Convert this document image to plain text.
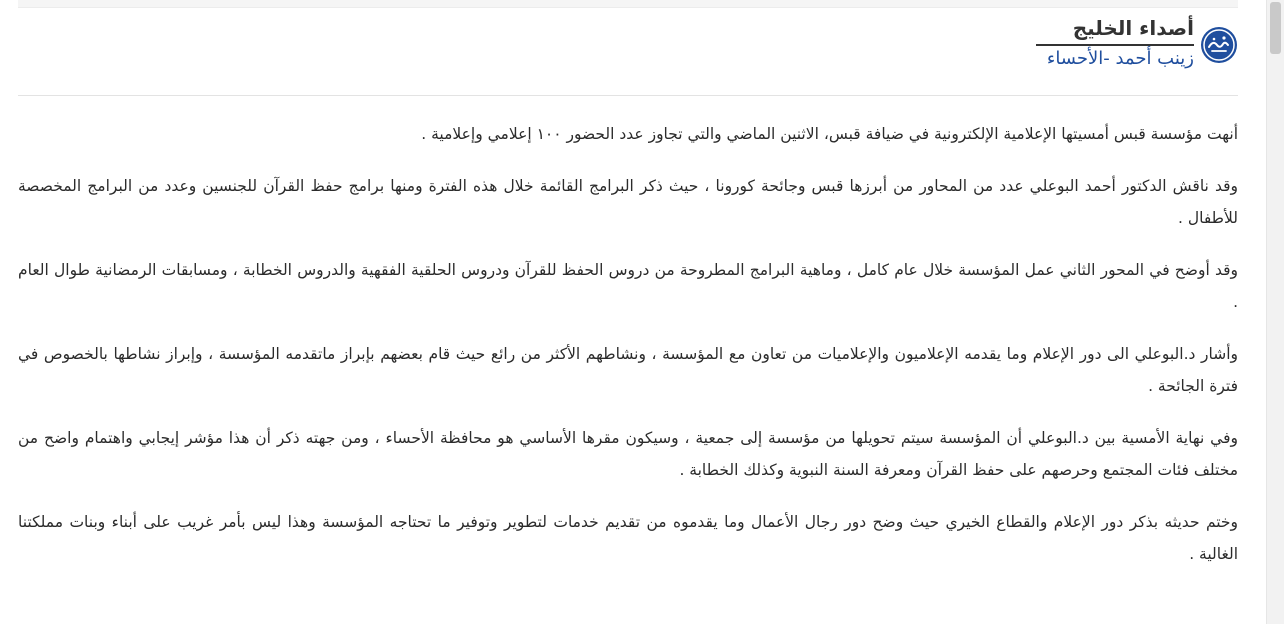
أصداء الخليج
زينب أحمد -الأحساء

أنهت مؤسسة قبس أمسيتها الإعلامية الإلكترونية في ضيافة قبس، الاثنين الماضي والتي تجاوز عدد الحضور ١٠٠ إعلامي وإعلامية .

وقد ناقش الدكتور أحمد البوعلي عدد من المحاور من أبرزها قبس وجائحة كورونا ، حيث ذكر البرامج القائمة خلال هذه الفترة ومنها برامج حفظ القرآن للجنسين وعدد من البرامج المخصصة للأطفال .

وقد أوضح في المحور الثاني عمل المؤسسة خلال عام كامل ، وماهية البرامج المطروحة من دروس الحفظ للقرآن ودروس الحلقية الفقهية والدروس الخطابة ، ومسابقات الرمضانية طوال العام .

وأشار د.البوعلي الى دور الإعلام وما يقدمه الإعلاميون والإعلاميات من تعاون مع المؤسسة ، ونشاطهم الأكثر من رائع حيث قام بعضهم بإبراز ماتقدمه المؤسسة ، وإبراز نشاطها بالخصوص في فترة الجائحة .

وفي نهاية الأمسية بين د.البوعلي أن المؤسسة سيتم تحويلها من مؤسسة إلى جمعية ، وسيكون مقرها الأساسي هو محافظة الأحساء ، ومن جهته ذكر أن هذا مؤشر إيجابي واهتمام واضح من مختلف فئات المجتمع وحرصهم على حفظ القرآن ومعرفة السنة النبوية وكذلك الخطابة .

وختم حديثه بذكر دور الإعلام والقطاع الخيري حيث وضح دور رجال الأعمال وما يقدموه من تقديم خدمات لتطوير وتوفير ما تحتاجه المؤسسة وهذا ليس بأمر غريب على أبناء وبنات مملكتنا الغالية .
